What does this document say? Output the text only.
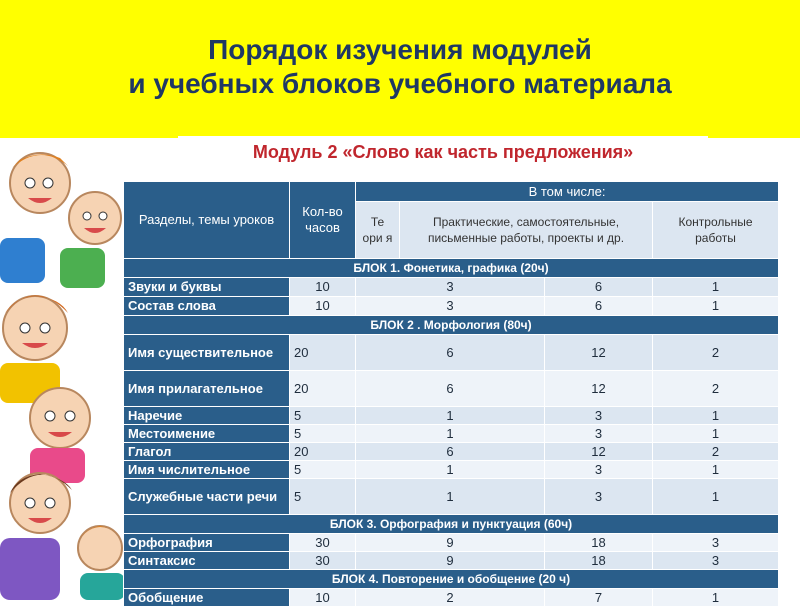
Порядок изучения модулей
и учебных блоков учебного материала
Модуль 2 «Слово как часть предложения»
Разделы, темы уроков	Кол-во часов	В том числе:			
		Те ори я	Практические, самостоятельные, письменные работы, проекты и др.		Контрольные работы
БЛОК 1. Фонетика, графика (20ч)					
Звуки и буквы	10	3		6	1
Состав слова	10	3		6	1
БЛОК 2 . Морфология (80ч)					
Имя существительное	20	6		12	2
Имя прилагательное	20	6		12	2
Наречие	5	1		3	1
Местоимение	5	1		3	1
Глагол	20	6		12	2
Имя числительное	5	1		3	1
Служебные части речи	5	1		3	1
БЛОК 3. Орфография и пунктуация (60ч)					
Орфография	30	9		18	3
Синтаксис	30	9		18	3
БЛОК 4. Повторение и обобщение (20 ч)					
Обобщение	10	2		7	1
